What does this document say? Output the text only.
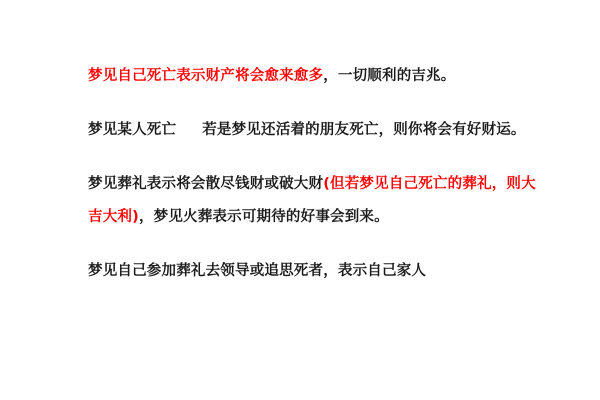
梦见自己死亡表示财产将会愈来愈多，一切顺利的吉兆。

梦见某人死亡 若是梦见还活着的朋友死亡，则你将会有好财运。

梦见葬礼表示将会散尽钱财或破大财(但若梦见自己死亡的葬礼，则大吉大利)，梦见火葬表示可期待的好事会到来。

梦见自己参加葬礼去领导或追思死者，表示自己家人
